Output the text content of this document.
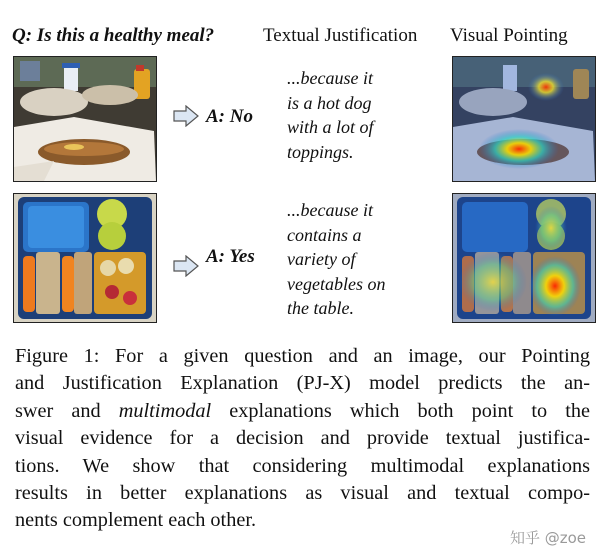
Q: Is this a healthy meal?	Textual Justification Visual Pointing
A: No
...because it
is a hot dog
with a lot of
toppings.
A: Yes
...because it
contains a
variety of
vegetables on
the table.
Figure 1: For a given question and an image, our Pointing
and Justification Explanation (PJ-X) model predicts the an-
swer and multimodal explanations which both point to the
visual evidence for a decision and provide textual justifica-
tions. We show that considering multimodal explanations
results in better explanations as visual and textual compo-
nents complement each other.
知乎 @zoe
